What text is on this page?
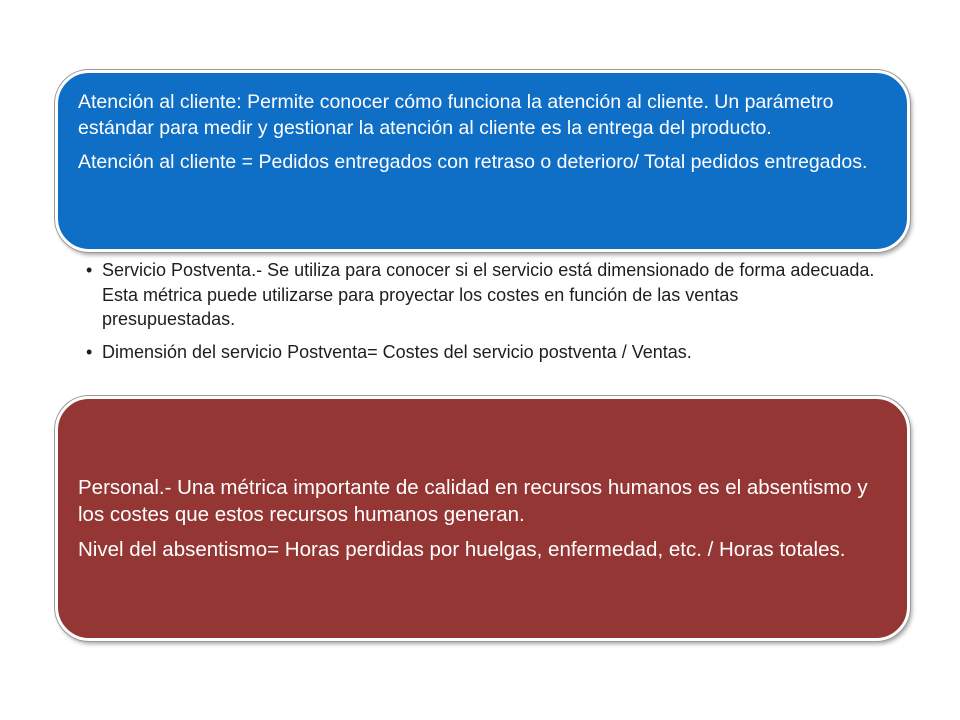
Atención al cliente: Permite conocer cómo funciona la atención al cliente. Un parámetro estándar para medir y gestionar la atención al cliente es la entrega del producto.

Atención al cliente = Pedidos entregados con retraso o deterioro/ Total pedidos entregados.

• Servicio Postventa.- Se utiliza para conocer si el servicio está dimensionado de forma adecuada. Esta métrica puede utilizarse para proyectar los costes en función de las ventas presupuestadas.
• Dimensión del servicio Postventa= Costes del servicio postventa / Ventas.

Personal.- Una métrica importante de calidad en recursos humanos es el absentismo y los costes que estos recursos humanos generan.

Nivel del absentismo= Horas perdidas por huelgas, enfermedad, etc. / Horas totales.
